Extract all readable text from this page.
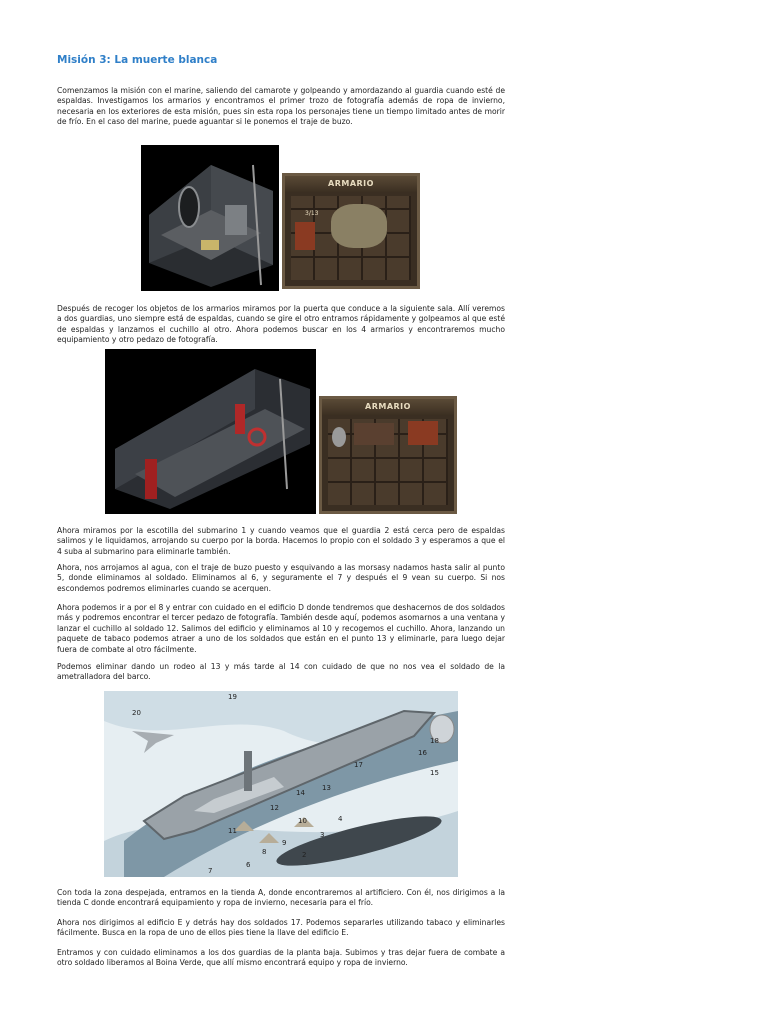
Misión 3: La muerte blanca

Comenzamos la misión con el marine, saliendo del camarote y golpeando y amordazando al guardia cuando esté de espaldas. Investigamos los armarios y encontramos el primer trozo de fotografía además de ropa de invierno, necesaria en los exteriores de esta misión, pues sin esta ropa los personajes tiene un tiempo limitado antes de morir de frío. En el caso del marine, puede aguantar si le ponemos el traje de buzo.

ARMARIO
3/13

Después de recoger los objetos de los armarios miramos por la puerta que conduce a la siguiente sala. Allí veremos a dos guardias, uno siempre está de espaldas, cuando se gire el otro entramos rápidamente y golpeamos al que esté de espaldas y lanzamos el cuchillo al otro. Ahora podemos buscar en los 4 armarios y encontraremos mucho equipamiento y otro pedazo de fotografía.

ARMARIO

Ahora miramos por la escotilla del submarino 1 y cuando veamos que el guardia 2 está cerca pero de espaldas salimos y le liquidamos, arrojando su cuerpo por la borda. Hacemos lo propio con el soldado 3 y esperamos a que el 4 suba al submarino para eliminarle también.

Ahora, nos arrojamos al agua, con el traje de buzo puesto y esquivando a las morsasy nadamos hasta salir al punto 5, donde eliminamos al soldado. Eliminamos al 6, y seguramente el 7 y después el 9 vean su cuerpo. Si nos escondemos podremos eliminarles cuando se acerquen.

Ahora podemos ir a por el 8 y entrar con cuidado en el edificio D donde tendremos que deshacernos de dos soldados más y podremos encontrar el tercer pedazo de fotografía. También desde aquí, podemos asomarnos a una ventana y lanzar el cuchillo al soldado 12. Salimos del edificio y eliminamos al 10 y recogemos el cuchillo. Ahora, lanzando un paquete de tabaco podemos atraer a uno de los soldados que están en el punto 13 y eliminarle, para luego dejar fuera de combate al otro fácilmente.

Podemos eliminar dando un rodeo al 13 y más tarde al 14 con cuidado de que no nos vea el soldado de la ametralladora del barco.

19
20
18
16
15
17
13
14
12
11
10
9
8
7
6
4
3
2

Con toda la zona despejada, entramos en la tienda A, donde encontraremos al artificiero. Con él, nos dirigimos a la tienda C donde encontrará equipamiento y ropa de invierno, necesaria para el frío.

Ahora nos dirigimos al edificio E y detrás hay dos soldados 17. Podemos separarles utilizando tabaco y eliminarles fácilmente. Busca en la ropa de uno de ellos pies tiene la llave del edificio E.

Entramos y con cuidado eliminamos a los dos guardias de la planta baja. Subimos y tras dejar fuera de combate a otro soldado liberamos al Boina Verde, que allí mismo encontrará equipo y ropa de invierno.
